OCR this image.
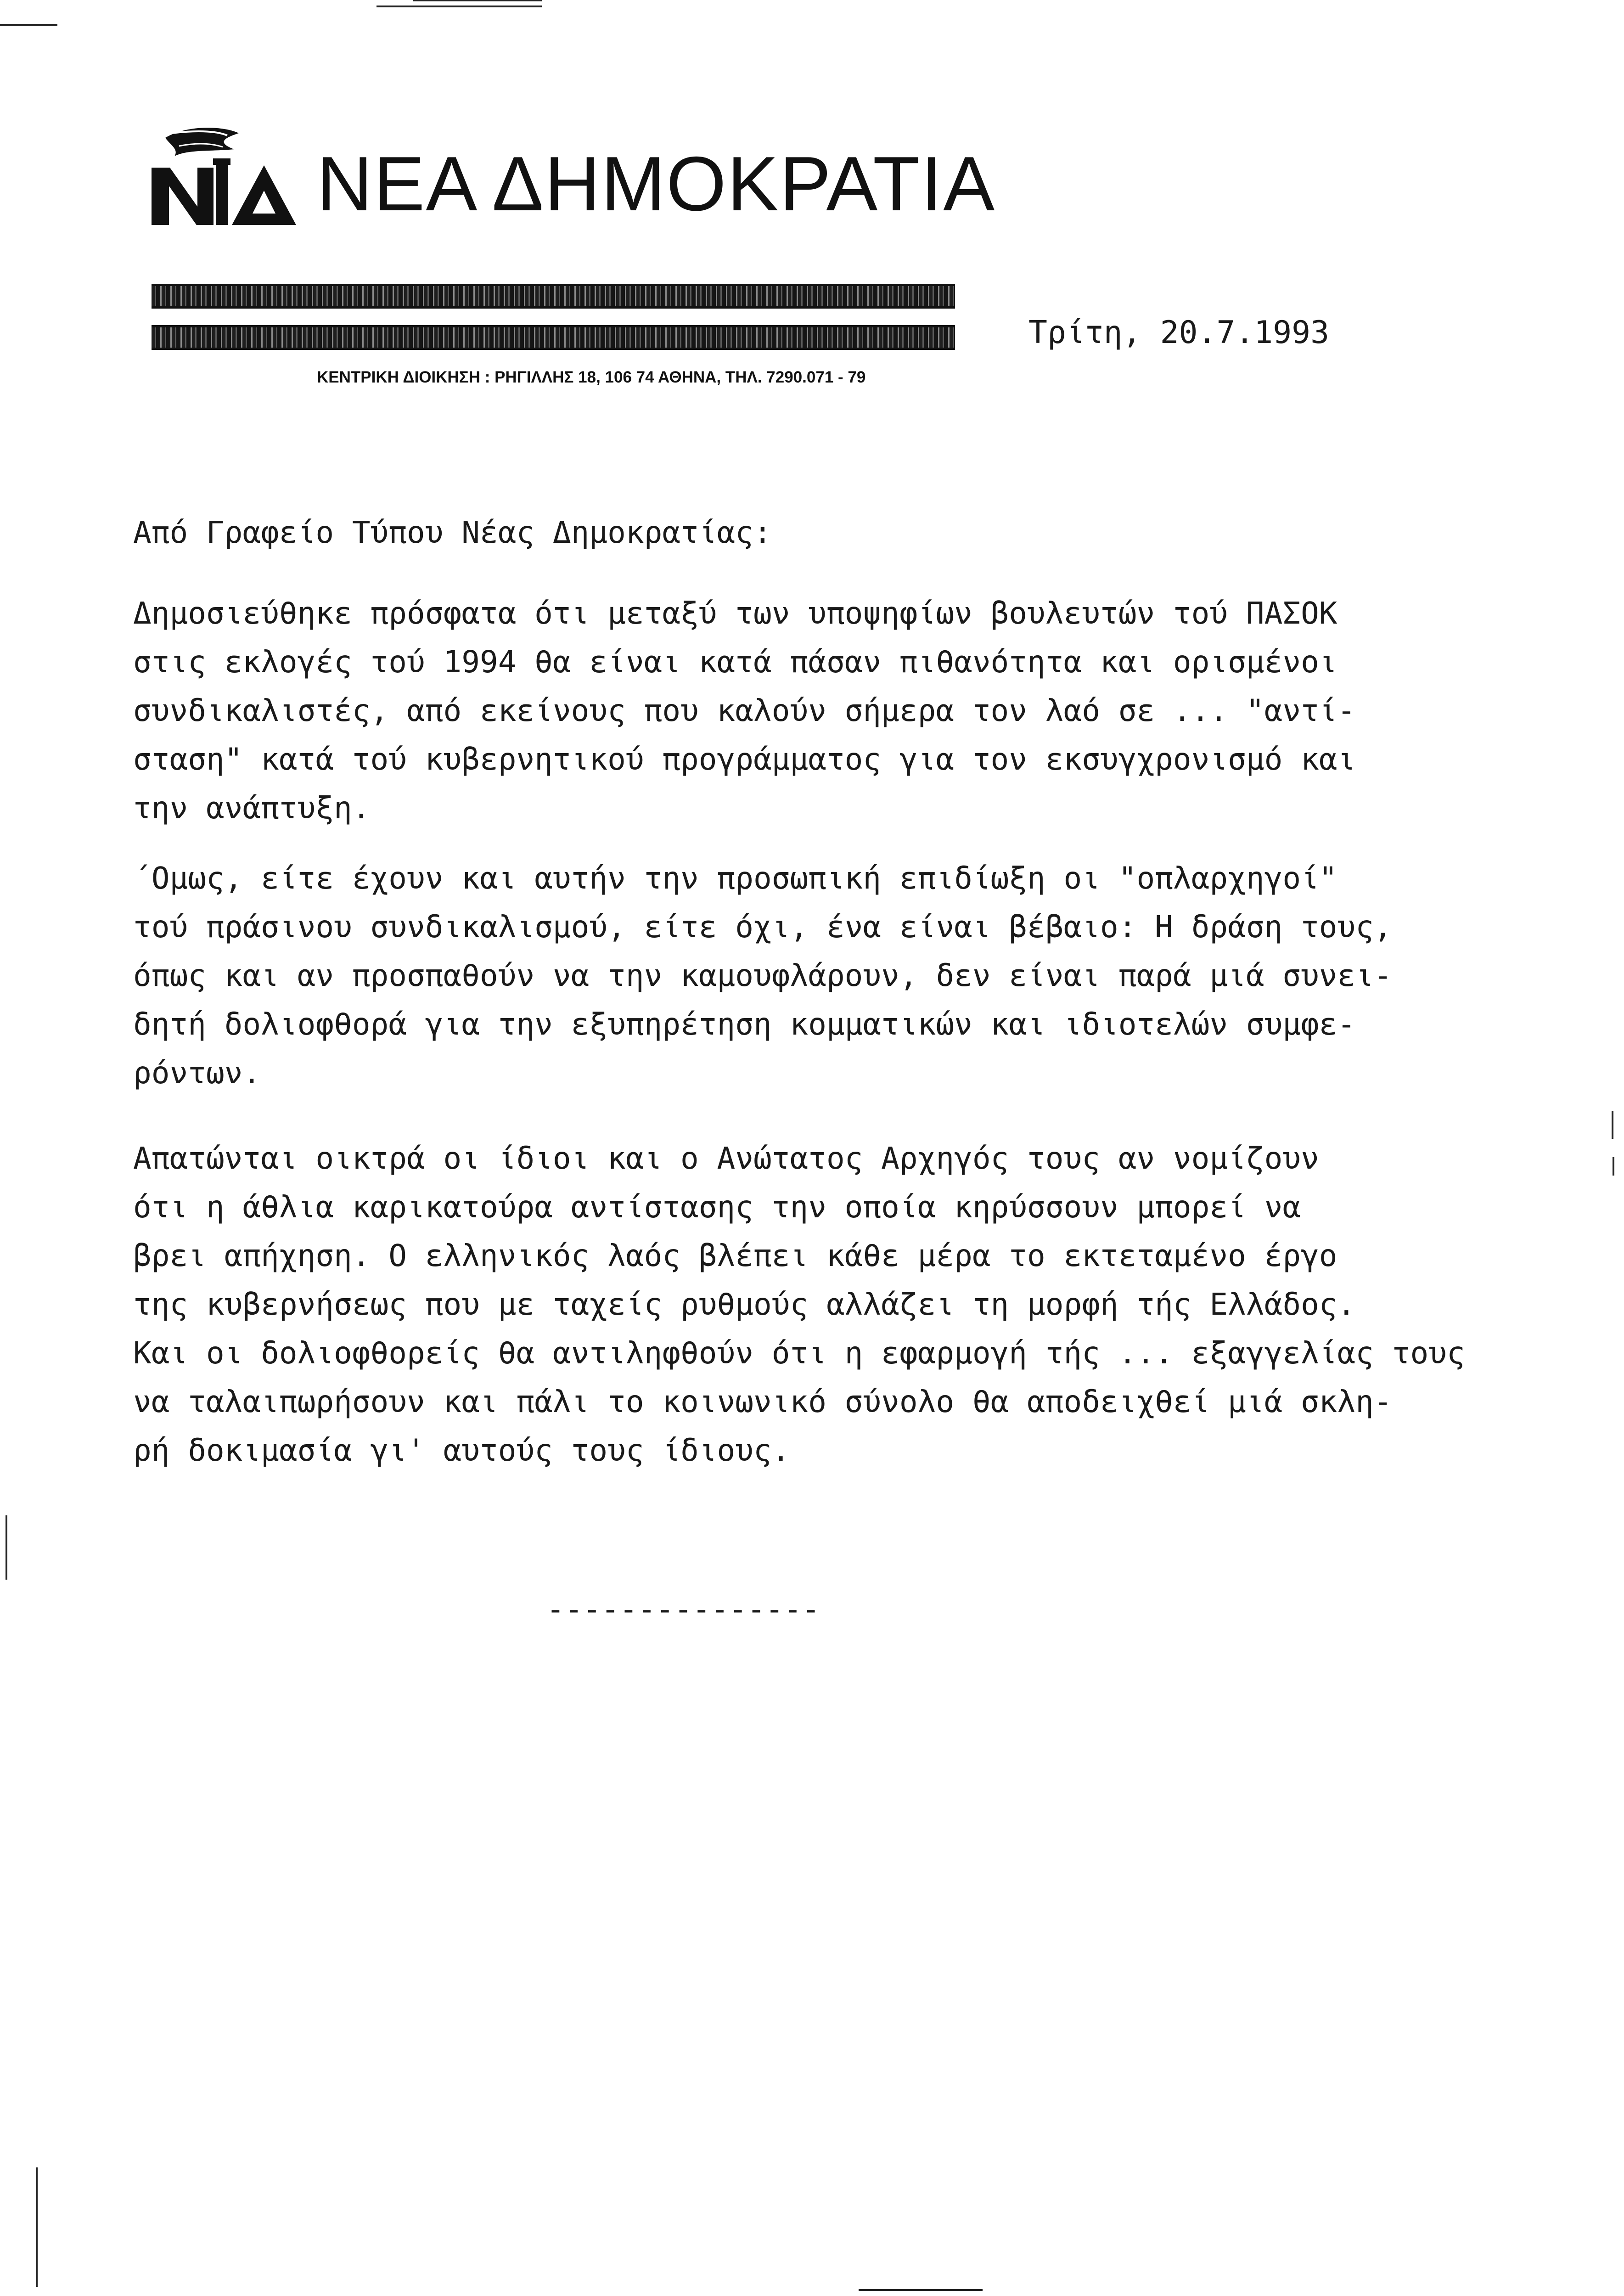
ΝΕΑ ΔΗΜΟΚΡΑΤΙΑ
ΚΕΝΤΡΙΚΗ ΔΙΟΙΚΗΣΗ : ΡΗΓΙΛΛΗΣ 18, 106 74 ΑΘΗΝΑ, ΤΗΛ. 7290.071 - 79
Τρίτη, 20.7.1993
Από Γραφείο Τύπου Νέας Δημοκρατίας:
Δημοσιεύθηκε πρόσφατα ότι μεταξύ των υποψηφίων βουλευτών τού ΠΑΣΟΚ
στις εκλογές τού 1994 θα είναι κατά πάσαν πιθανότητα και ορισμένοι
συνδικαλιστές, από εκείνους που καλούν σήμερα τον λαό σε ... "αντί-
σταση" κατά τού κυβερνητικού προγράμματος για τον εκσυγχρονισμό και
την ανάπτυξη.
΄Ομως, είτε έχουν και αυτήν την προσωπική επιδίωξη οι "οπλαρχηγοί"
τού πράσινου συνδικαλισμού, είτε όχι, ένα είναι βέβαιο: Η δράση τους,
όπως και αν προσπαθούν να την καμουφλάρουν, δεν είναι παρά μιά συνει-
δητή δολιοφθορά για την εξυπηρέτηση κομματικών και ιδιοτελών συμφε-
ρόντων.
Απατώνται οικτρά οι ίδιοι και ο Ανώτατος Αρχηγός τους αν νομίζουν
ότι η άθλια καρικατούρα αντίστασης την οποία κηρύσσουν μπορεί να
βρει απήχηση. Ο ελληνικός λαός βλέπει κάθε μέρα το εκτεταμένο έργο
της κυβερνήσεως που με ταχείς ρυθμούς αλλάζει τη μορφή τής Ελλάδος.
Και οι δολιοφθορείς θα αντιληφθούν ότι η εφαρμογή τής ... εξαγγελίας τους
να ταλαιπωρήσουν και πάλι το κοινωνικό σύνολο θα αποδειχθεί μιά σκλη-
ρή δοκιμασία γι' αυτούς τους ίδιους.
---------------
